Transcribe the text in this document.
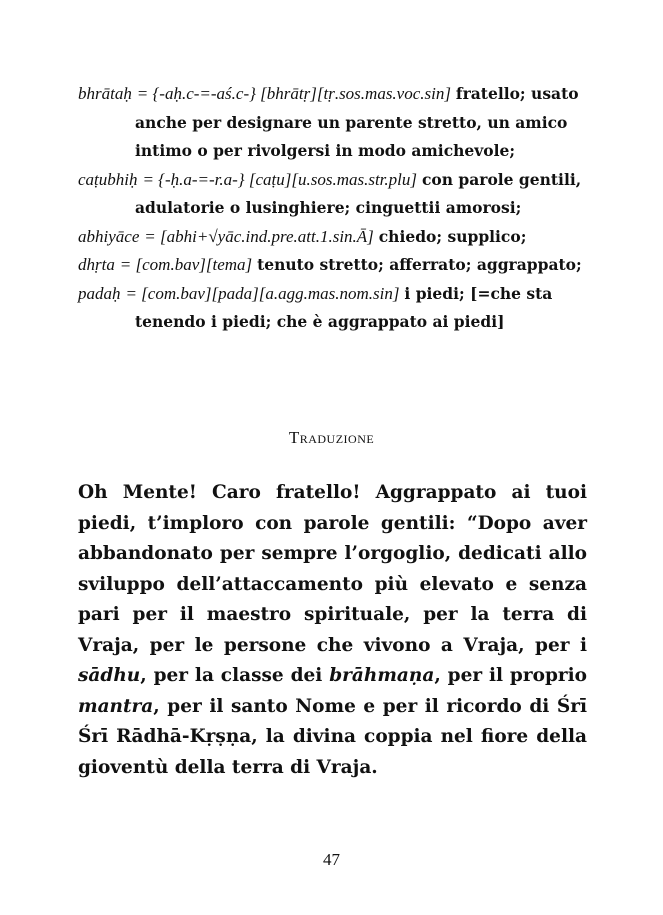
bhrātaḥ = {-aḥ.c-=-aś.c-} [bhrātṛ][tṛ.sos.mas.voc.sin] fratello; usato anche per designare un parente stretto, un amico intimo o per rivolgersi in modo amichevole;
caṭubhiḥ = {-ḥ.a-=-r.a-} [caṭu][u.sos.mas.str.plu] con parole gentili, adulatorie o lusinghiere; cinguettii amorosi;
abhiyāce = [abhi+√yāc.ind.pre.att.1.sin.Ā] chiedo; supplico;
dhṛta = [com.bav][tema] tenuto stretto; afferrato; aggrappato;
padaḥ = [com.bav][pada][a.agg.mas.nom.sin] i piedi; [=che sta tenendo i piedi; che è aggrappato ai piedi]
Traduzione
Oh Mente! Caro fratello! Aggrappato ai tuoi piedi, t’imploro con parole gentili: “Dopo aver abbandonato per sempre l’orgoglio, dedicati allo sviluppo dell’attaccamento più elevato e senza pari per il maestro spirituale, per la terra di Vraja, per le persone che vivono a Vraja, per i sādhu, per la classe dei brāhmaṇa, per il proprio mantra, per il santo Nome e per il ricordo di Śrī Śrī Rādhā-Kṛṣṇa, la divina coppia nel fiore della gioventù della terra di Vraja.
47
